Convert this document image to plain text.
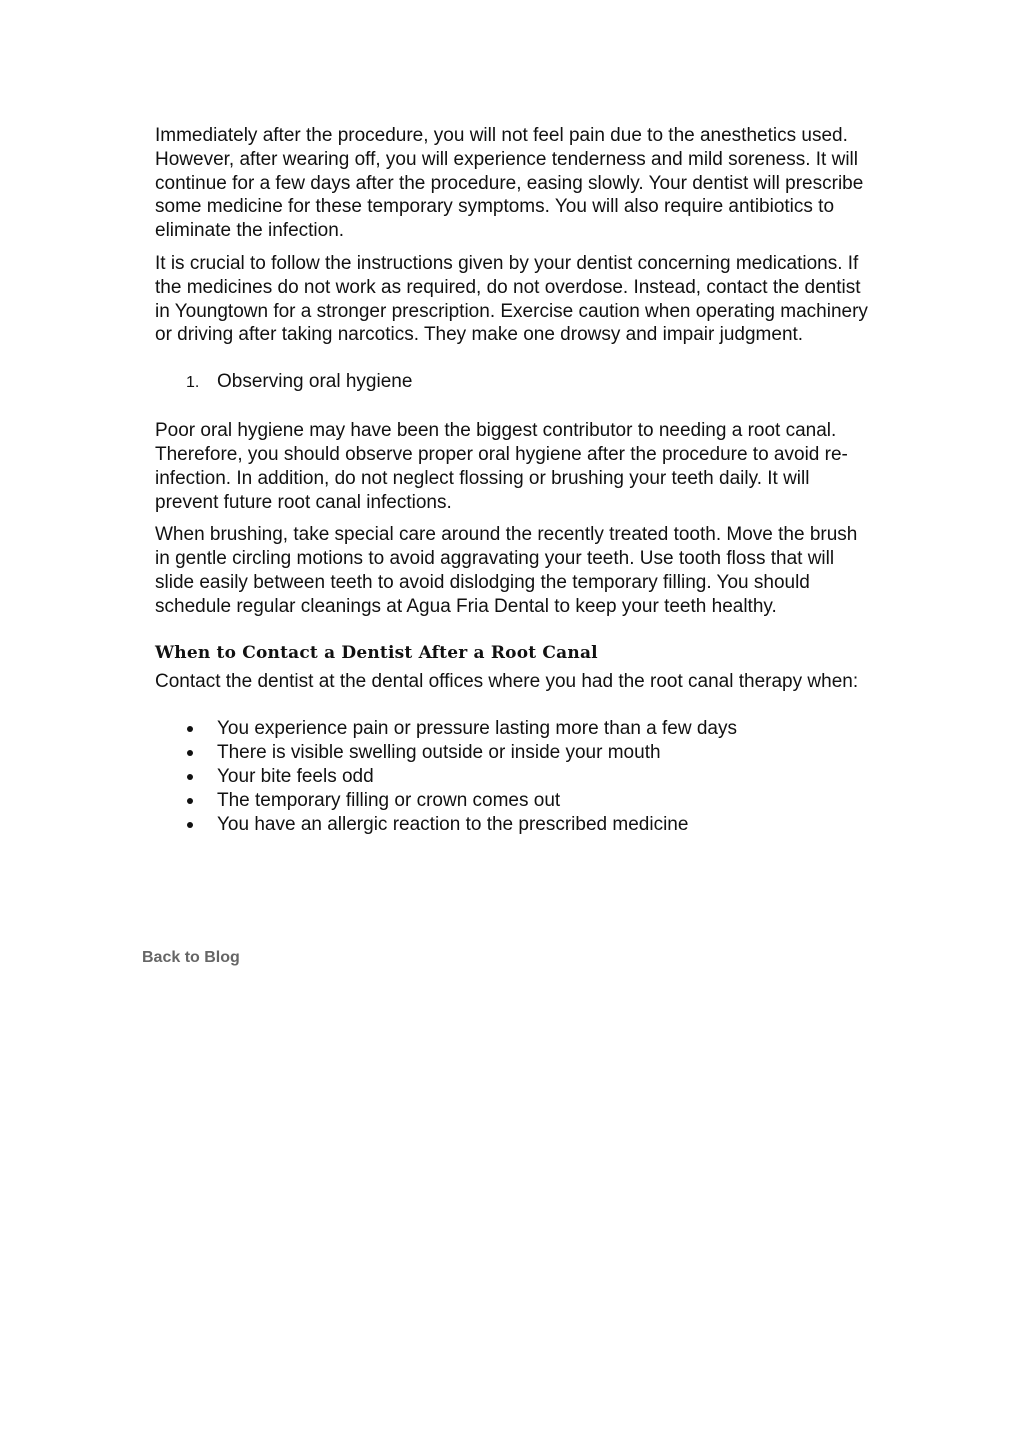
Immediately after the procedure, you will not feel pain due to the anesthetics used. However, after wearing off, you will experience tenderness and mild soreness. It will continue for a few days after the procedure, easing slowly. Your dentist will prescribe some medicine for these temporary symptoms. You will also require antibiotics to eliminate the infection.

It is crucial to follow the instructions given by your dentist concerning medications. If the medicines do not work as required, do not overdose. Instead, contact the dentist in Youngtown for a stronger prescription. Exercise caution when operating machinery or driving after taking narcotics. They make one drowsy and impair judgment.

1. Observing oral hygiene

Poor oral hygiene may have been the biggest contributor to needing a root canal. Therefore, you should observe proper oral hygiene after the procedure to avoid re-infection. In addition, do not neglect flossing or brushing your teeth daily. It will prevent future root canal infections.

When brushing, take special care around the recently treated tooth. Move the brush in gentle circling motions to avoid aggravating your teeth. Use tooth floss that will slide easily between teeth to avoid dislodging the temporary filling. You should schedule regular cleanings at Agua Fria Dental to keep your teeth healthy.

When to Contact a Dentist After a Root Canal

Contact the dentist at the dental offices where you had the root canal therapy when:

You experience pain or pressure lasting more than a few days
There is visible swelling outside or inside your mouth
Your bite feels odd
The temporary filling or crown comes out
You have an allergic reaction to the prescribed medicine
Back to Blog
